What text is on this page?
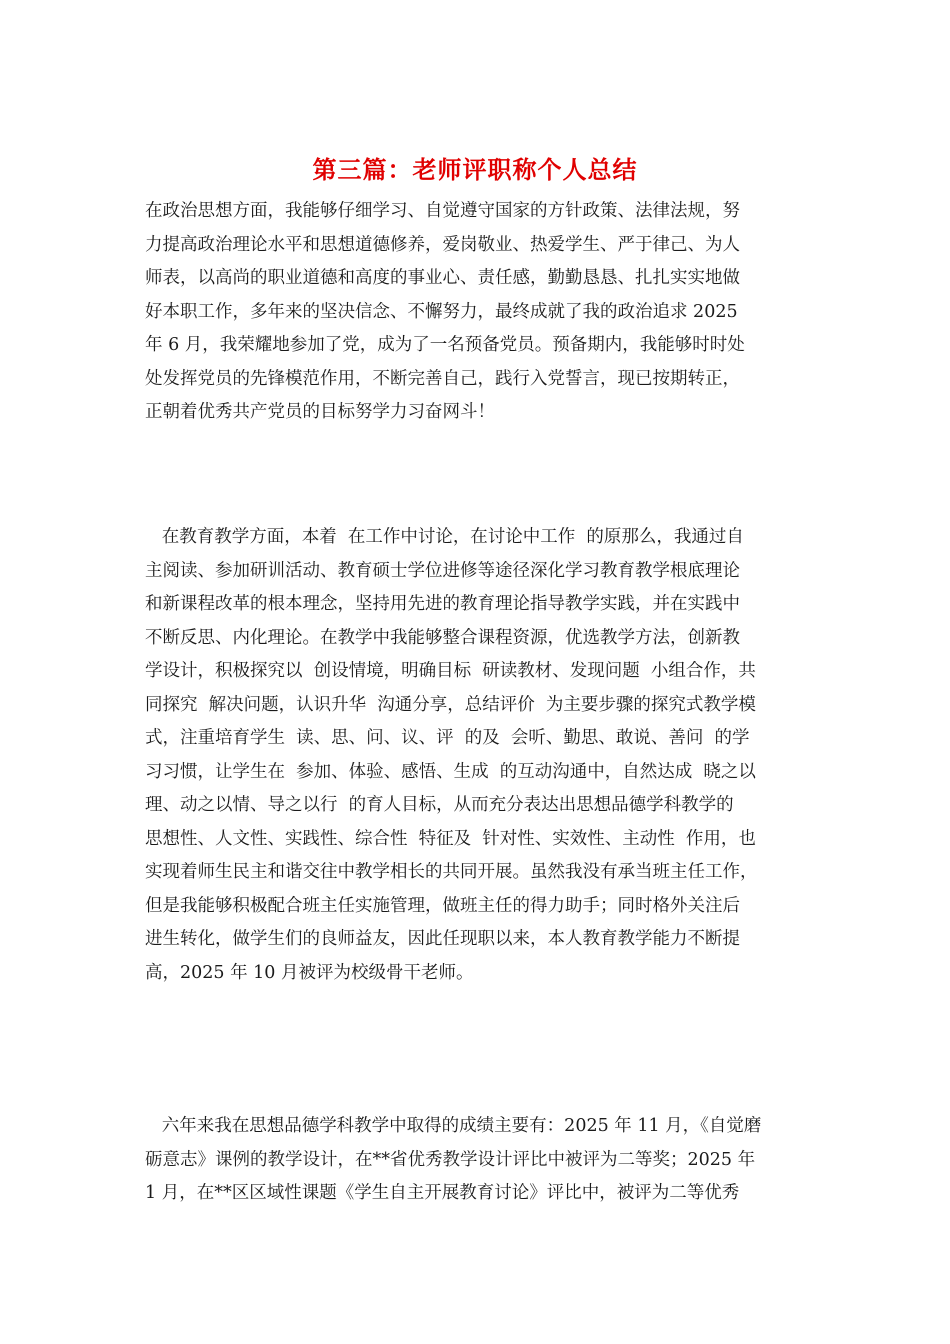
第三篇：老师评职称个人总结
在政治思想方面，我能够仔细学习、自觉遵守国家的方针政策、法律法规，努
力提高政治理论水平和思想道德修养，爱岗敬业、热爱学生、严于律己、为人
师表，以高尚的职业道德和高度的事业心、责任感，勤勤恳恳、扎扎实实地做
好本职工作，多年来的坚决信念、不懈努力，最终成就了我的政治追求 2025
年 6 月，我荣耀地参加了党，成为了一名预备党员。预备期内，我能够时时处
处发挥党员的先锋模范作用，不断完善自己，践行入党誓言，现已按期转正，
正朝着优秀共产党员的目标努学力习奋网斗！
在教育教学方面，本着  在工作中讨论，在讨论中工作  的原那么，我通过自
主阅读、参加研训活动、教育硕士学位进修等途径深化学习教育教学根底理论
和新课程改革的根本理念，坚持用先进的教育理论指导教学实践，并在实践中
不断反思、内化理论。在教学中我能够整合课程资源，优选教学方法，创新教
学设计，积极探究以  创设情境，明确目标  研读教材、发现问题  小组合作，共
同探究  解决问题，认识升华  沟通分享，总结评价  为主要步骤的探究式教学模
式，注重培育学生  读、思、问、议、评  的及  会听、勤思、敢说、善问  的学
习习惯，让学生在  参加、体验、感悟、生成  的互动沟通中，自然达成  晓之以
理、动之以情、导之以行  的育人目标，从而充分表达出思想品德学科教学的
思想性、人文性、实践性、综合性  特征及  针对性、实效性、主动性  作用，也
实现着师生民主和谐交往中教学相长的共同开展。虽然我没有承当班主任工作，
但是我能够积极配合班主任实施管理，做班主任的得力助手；同时格外关注后
进生转化，做学生们的良师益友，因此任现职以来，本人教育教学能力不断提
高，2025 年 10 月被评为校级骨干老师。
六年来我在思想品德学科教学中取得的成绩主要有：2025 年 11 月，《自觉磨
砺意志》课例的教学设计，在**省优秀教学设计评比中被评为二等奖；2025 年
1 月，在**区区域性课题《学生自主开展教育讨论》评比中，被评为二等优秀
